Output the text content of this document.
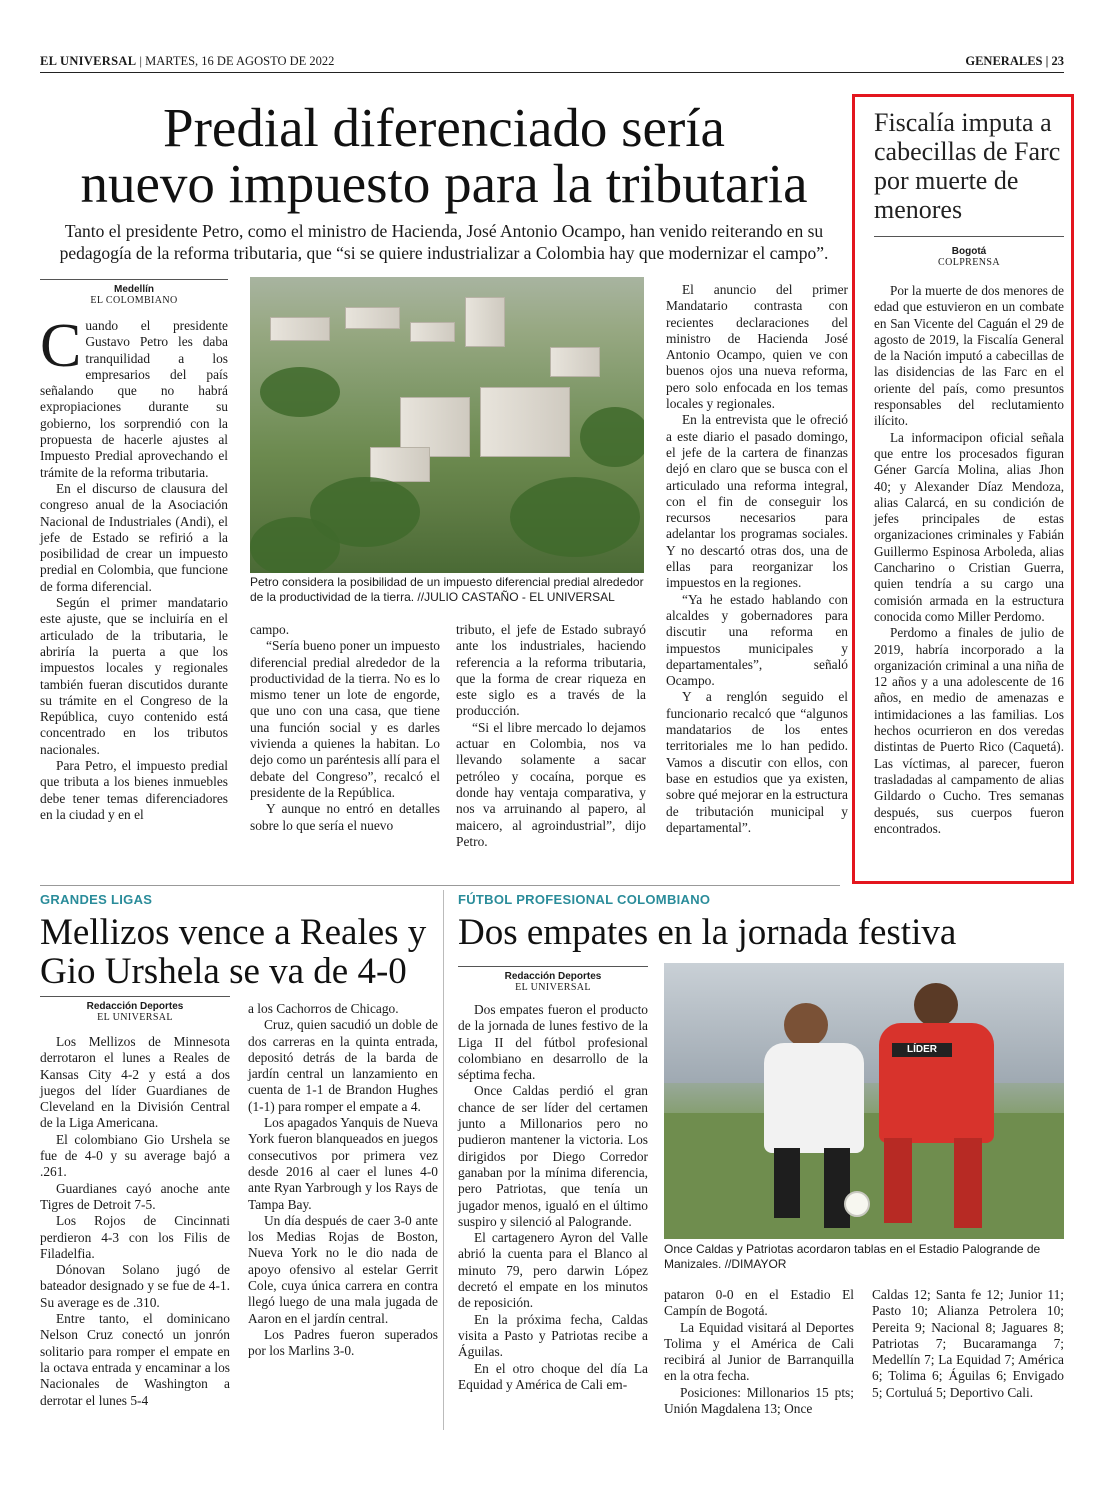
EL UNIVERSAL | MARTES, 16 DE AGOSTO DE 2022	GENERALES | 23
Predial diferenciado sería
nuevo impuesto para la tributaria
Tanto el presidente Petro, como el ministro de Hacienda, José Antonio Ocampo, han venido reiterando en su
pedagogía de la reforma tributaria, que “si se quiere industrializar a Colombia hay que modernizar el campo”.
Medellín
EL COLOMBIANO

Cuando el presidente Gustavo Petro les daba tranquilidad a los empresarios del país señalando que no habrá expropiaciones durante su gobierno, los sorprendió con la propuesta de hacerle ajustes al Impuesto Predial aprovechando el trámite de la reforma tributaria.

En el discurso de clausura del congreso anual de la Asociación Nacional de Industriales (Andi), el jefe de Estado se refirió a la posibilidad de crear un impuesto predial en Colombia, que funcione de forma diferencial.

Según el primer mandatario este ajuste, que se incluiría en el articulado de la tributaria, le abriría la puerta a que los impuestos locales y regionales también fueran discutidos durante su trámite en el Congreso de la República, cuyo contenido está concentrado en los tributos nacionales.

Para Petro, el impuesto predial que tributa a los bienes inmuebles debe tener temas diferenciadores en la ciudad y en el

Petro considera la posibilidad de un impuesto diferencial predial alrededor de la productividad de la tierra. //JULIO CASTAÑO - EL UNIVERSAL

campo.

“Sería bueno poner un impuesto diferencial predial alrededor de la productividad de la tierra. No es lo mismo tener un lote de engorde, que uno con una casa, que tiene una función social y es darles vivienda a quienes la habitan. Lo dejo como un paréntesis allí para el debate del Congreso”, recalcó el presidente de la República.

Y aunque no entró en detalles sobre lo que sería el nuevo

tributo, el jefe de Estado subrayó ante los industriales, haciendo referencia a la reforma tributaria, que la forma de crear riqueza en este siglo es a través de la producción.

“Si el libre mercado lo dejamos actuar en Colombia, nos va llevando solamente a sacar petróleo y cocaína, porque es donde hay ventaja comparativa, y nos va arruinando al papero, al maicero, al agroindustrial”, dijo Petro.

El anuncio del primer Mandatario contrasta con recientes declaraciones del ministro de Hacienda José Antonio Ocampo, quien ve con buenos ojos una nueva reforma, pero solo enfocada en los temas locales y regionales.

En la entrevista que le ofreció a este diario el pasado domingo, el jefe de la cartera de finanzas dejó en claro que se busca con el articulado una reforma integral, con el fin de conseguir los recursos necesarios para adelantar los programas sociales. Y no descartó otras dos, una de ellas para reorganizar los impuestos en la regiones.

“Ya he estado hablando con alcaldes y gobernadores para discutir una reforma en impuestos municipales y departamentales”, señaló Ocampo.

Y a renglón seguido el funcionario recalcó que “algunos mandatarios de los entes territoriales me lo han pedido. Vamos a discutir con ellos, con base en estudios que ya existen, sobre qué mejorar en la estructura de tributación municipal y departamental”.

Fiscalía imputa a cabecillas de Farc por muerte de menores
Bogotá
COLPRENSA

Por la muerte de dos menores de edad que estuvieron en un combate en San Vicente del Caguán el 29 de agosto de 2019, la Fiscalía General de la Nación imputó a cabecillas de las disidencias de las Farc en el oriente del país, como presuntos responsables del reclutamiento ilícito.

La informacipon oficial señala que entre los procesados figuran Géner García Molina, alias Jhon 40; y Alexander Díaz Mendoza, alias Calarcá, en su condición de jefes principales de estas organizaciones criminales y Fabián Guillermo Espinosa Arboleda, alias Cancharino o Cristian Guerra, quien tendría a su cargo una comisión armada en la estructura conocida como Miller Perdomo.

Perdomo a finales de julio de 2019, habría incorporado a la organización criminal a una niña de 12 años y a una adolescente de 16 años, en medio de amenazas e intimidaciones a las familias. Los hechos ocurrieron en dos veredas distintas de Puerto Rico (Caquetá). Las víctimas, al parecer, fueron trasladadas al campamento de alias Gildardo o Cucho. Tres semanas después, sus cuerpos fueron encontrados.

GRANDES LIGAS
Mellizos vence a Reales y Gio Urshela se va de 4-0
Redacción Deportes
EL UNIVERSAL

Los Mellizos de Minnesota derrotaron el lunes a Reales de Kansas City 4-2 y está a dos juegos del líder Guardianes de Cleveland en la División Central de la Liga Americana.

El colombiano Gio Urshela se fue de 4-0 y su average bajó a .261.

Guardianes cayó anoche ante Tigres de Detroit 7-5.

Los Rojos de Cincinnati perdieron 4-3 con los Filis de Filadelfia.

Dónovan Solano jugó de bateador designado y se fue de 4-1. Su average es de .310.

Entre tanto, el dominicano Nelson Cruz conectó un jonrón solitario para romper el empate en la octava entrada y encaminar a los Nacionales de Washington a derrotar el lunes 5-4

a los Cachorros de Chicago.

Cruz, quien sacudió un doble de dos carreras en la quinta entrada, depositó detrás de la barda de jardín central un lanzamiento en cuenta de 1-1 de Brandon Hughes (1-1) para romper el empate a 4.

Los apagados Yanquis de Nueva York fueron blanqueados en juegos consecutivos por primera vez desde 2016 al caer el lunes 4-0 ante Ryan Yarbrough y los Rays de Tampa Bay.

Un día después de caer 3-0 ante los Medias Rojas de Boston, Nueva York no le dio nada de apoyo ofensivo al estelar Gerrit Cole, cuya única carrera en contra llegó luego de una mala jugada de Aaron en el jardín central.

Los Padres fueron superados por los Marlins 3-0.

FÚTBOL PROFESIONAL COLOMBIANO
Dos empates en la jornada festiva
Redacción Deportes
EL UNIVERSAL

Dos empates fueron el producto de la jornada de lunes festivo de la Liga II del fútbol profesional colombiano en desarrollo de la séptima fecha.

Once Caldas perdió el gran chance de ser líder del certamen junto a Millonarios pero no pudieron mantener la victoria. Los dirigidos por Diego Corredor ganaban por la mínima diferencia, pero Patriotas, que tenía un jugador menos, igualó en el último suspiro y silenció al Palogrande.

El cartagenero Ayron del Valle abrió la cuenta para el Blanco al minuto 79, pero darwin López decretó el empate en los minutos de reposición.

En la próxima fecha, Caldas visita a Pasto y Patriotas recibe a Águilas.

En el otro choque del día La Equidad y América de Cali em-

LÍDER
Once Caldas y Patriotas acordaron tablas en el Estadio Palogrande de Manizales. //DIMAYOR

pataron 0-0 en el Estadio El Campín de Bogotá.

La Equidad visitará al Deportes Tolima y el América de Cali recibirá al Junior de Barranquilla en la otra fecha.

Posiciones: Millonarios 15 pts; Unión Magdalena 13; Once

Caldas 12; Santa fe 12; Junior 11; Pasto 10; Alianza Petrolera 10; Pereita 9; Nacional 8; Jaguares 8; Patriotas 7; Bucaramanga 7; Medellín 7; La Equidad 7; América 6; Tolima 6; Águilas 6; Envigado 5; Cortuluá 5; Deportivo Cali.
